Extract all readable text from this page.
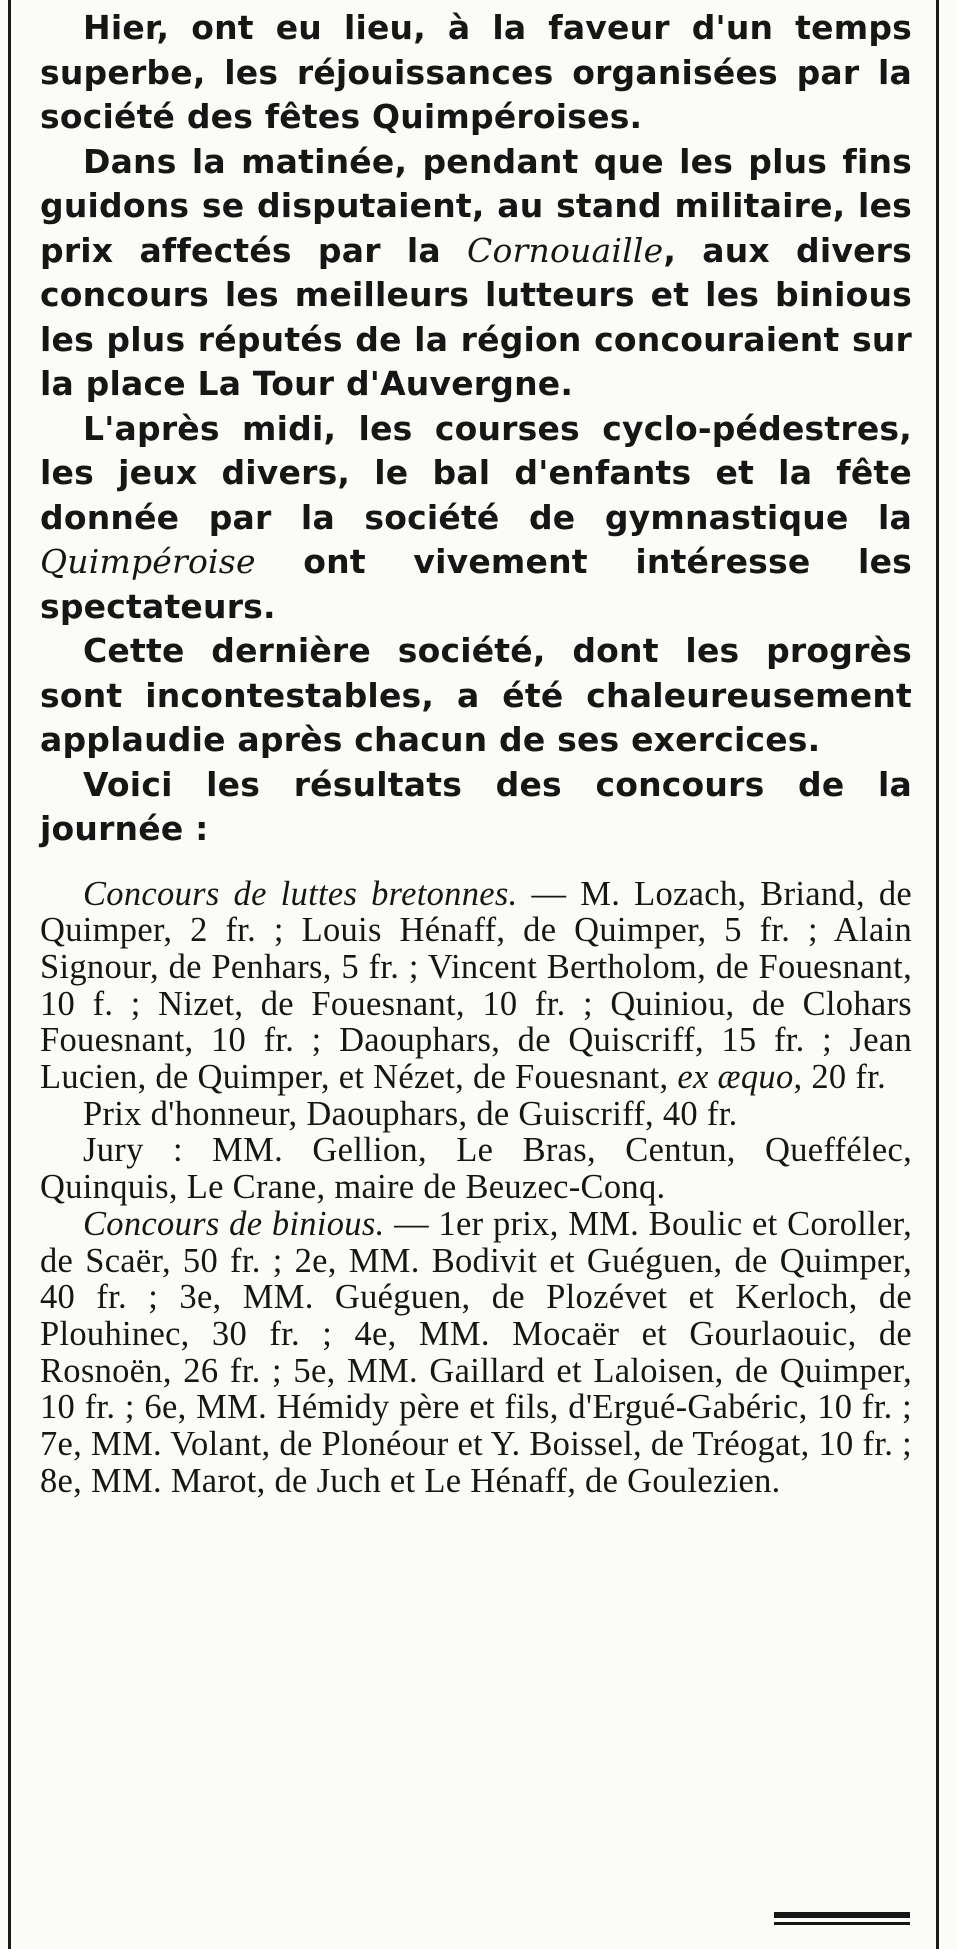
Hier, ont eu lieu, à la faveur d'un temps superbe, les réjouissances organisées par la société des fêtes Quimpéroises.

Dans la matinée, pendant que les plus fins guidons se disputaient, au stand militaire, les prix affectés par la Cornouaille, aux divers concours les meilleurs lutteurs et les binious les plus réputés de la région concouraient sur la place La Tour d'Auvergne.

L'après midi, les courses cyclo-pédestres, les jeux divers, le bal d'enfants et la fête donnée par la société de gymnastique la Quimpéroise ont vivement intéresse les spectateurs.

Cette dernière société, dont les progrès sont incontestables, a été chaleureusement applaudie après chacun de ses exercices.

Voici les résultats des concours de la journée :

Concours de luttes bretonnes. — M. Lozach, Briand, de Quimper, 2 fr. ; Louis Hénaff, de Quimper, 5 fr. ; Alain Signour, de Penhars, 5 fr. ; Vincent Bertholom, de Fouesnant, 10 f. ; Nizet, de Fouesnant, 10 fr. ; Quiniou, de Clohars Fouesnant, 10 fr. ; Daouphars, de Quiscriff, 15 fr. ; Jean Lucien, de Quimper, et Nézet, de Fouesnant, ex æquo, 20 fr.

Prix d'honneur, Daouphars, de Guiscriff, 40 fr.

Jury : MM. Gellion, Le Bras, Centun, Quefféleс, Quinquis, Le Crane, maire de Beuzec-Conq.

Concours de binious. — 1er prix, MM. Boulic et Coroller, de Scaër, 50 fr. ; 2e, MM. Bodivit et Guéguen, de Quimper, 40 fr. ; 3e, MM. Guéguen, de Plozévet et Kerloch, de Plouhinec, 30 fr. ; 4e, MM. Mocaër et Gourlaouic, de Rosnoën, 26 fr. ; 5e, MM. Gaillard et Laloisen, de Quimper, 10 fr. ; 6e, MM. Hémidy père et fils, d'Ergué-Gabéric, 10 fr. ; 7e, MM. Volant, de Plonéour et Y. Boissel, de Tréogat, 10 fr. ; 8e, MM. Marot, de Juch et Le Hénaff, de Goulezien.
